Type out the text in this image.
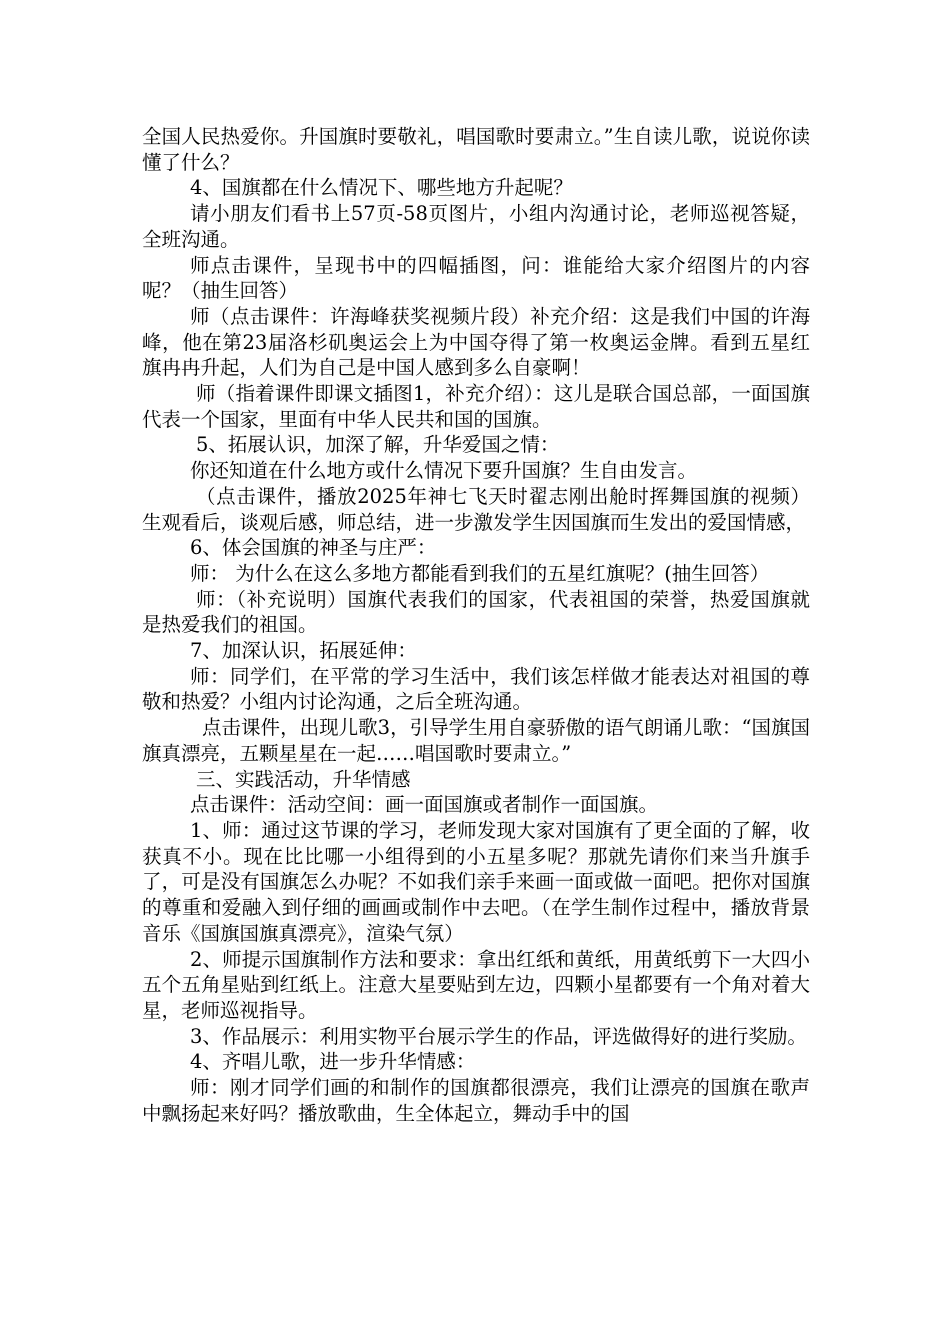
全国人民热爱你。升国旗时要敬礼，唱国歌时要肃立。”生自读儿歌，说说你读懂了什么？

4、国旗都在什么情况下、哪些地方升起呢？

请小朋友们看书上57页-58页图片，小组内沟通讨论，老师巡视答疑，全班沟通。

师点击课件，呈现书中的四幅插图，问：谁能给大家介绍图片的内容呢？（抽生回答）

师（点击课件：许海峰获奖视频片段）补充介绍：这是我们中国的许海峰，他在第23届洛杉矶奥运会上为中国夺得了第一枚奥运金牌。看到五星红旗冉冉升起，人们为自己是中国人感到多么自豪啊！

师（指着课件即课文插图1，补充介绍）：这儿是联合国总部，一面国旗代表一个国家，里面有中华人民共和国的国旗。

5、拓展认识，加深了解，升华爱国之情：

你还知道在什么地方或什么情况下要升国旗？生自由发言。

（点击课件，播放2025年神七飞天时翟志刚出舱时挥舞国旗的视频）生观看后，谈观后感，师总结，进一步激发学生因国旗而生发出的爱国情感，

6、体会国旗的神圣与庄严：

师： 为什么在这么多地方都能看到我们的五星红旗呢？(抽生回答）

师：（补充说明）国旗代表我们的国家，代表祖国的荣誉，热爱国旗就是热爱我们的祖国。

7、加深认识，拓展延伸：

师：同学们，在平常的学习生活中，我们该怎样做才能表达对祖国的尊敬和热爱？小组内讨论沟通，之后全班沟通。

点击课件，出现儿歌3，引导学生用自豪骄傲的语气朗诵儿歌：“国旗国旗真漂亮，五颗星星在一起……唱国歌时要肃立。”

三、实践活动，升华情感

点击课件：活动空间：画一面国旗或者制作一面国旗。

1、师：通过这节课的学习，老师发现大家对国旗有了更全面的了解，收获真不小。现在比比哪一小组得到的小五星多呢？那就先请你们来当升旗手了，可是没有国旗怎么办呢？不如我们亲手来画一面或做一面吧。把你对国旗的尊重和爱融入到仔细的画画或制作中去吧。（在学生制作过程中，播放背景音乐《国旗国旗真漂亮》，渲染气氛）

2、师提示国旗制作方法和要求：拿出红纸和黄纸，用黄纸剪下一大四小五个五角星贴到红纸上。注意大星要贴到左边，四颗小星都要有一个角对着大星，老师巡视指导。

3、作品展示：利用实物平台展示学生的作品，评选做得好的进行奖励。

4、齐唱儿歌，进一步升华情感：

师：刚才同学们画的和制作的国旗都很漂亮，我们让漂亮的国旗在歌声中飘扬起来好吗？播放歌曲，生全体起立，舞动手中的国
